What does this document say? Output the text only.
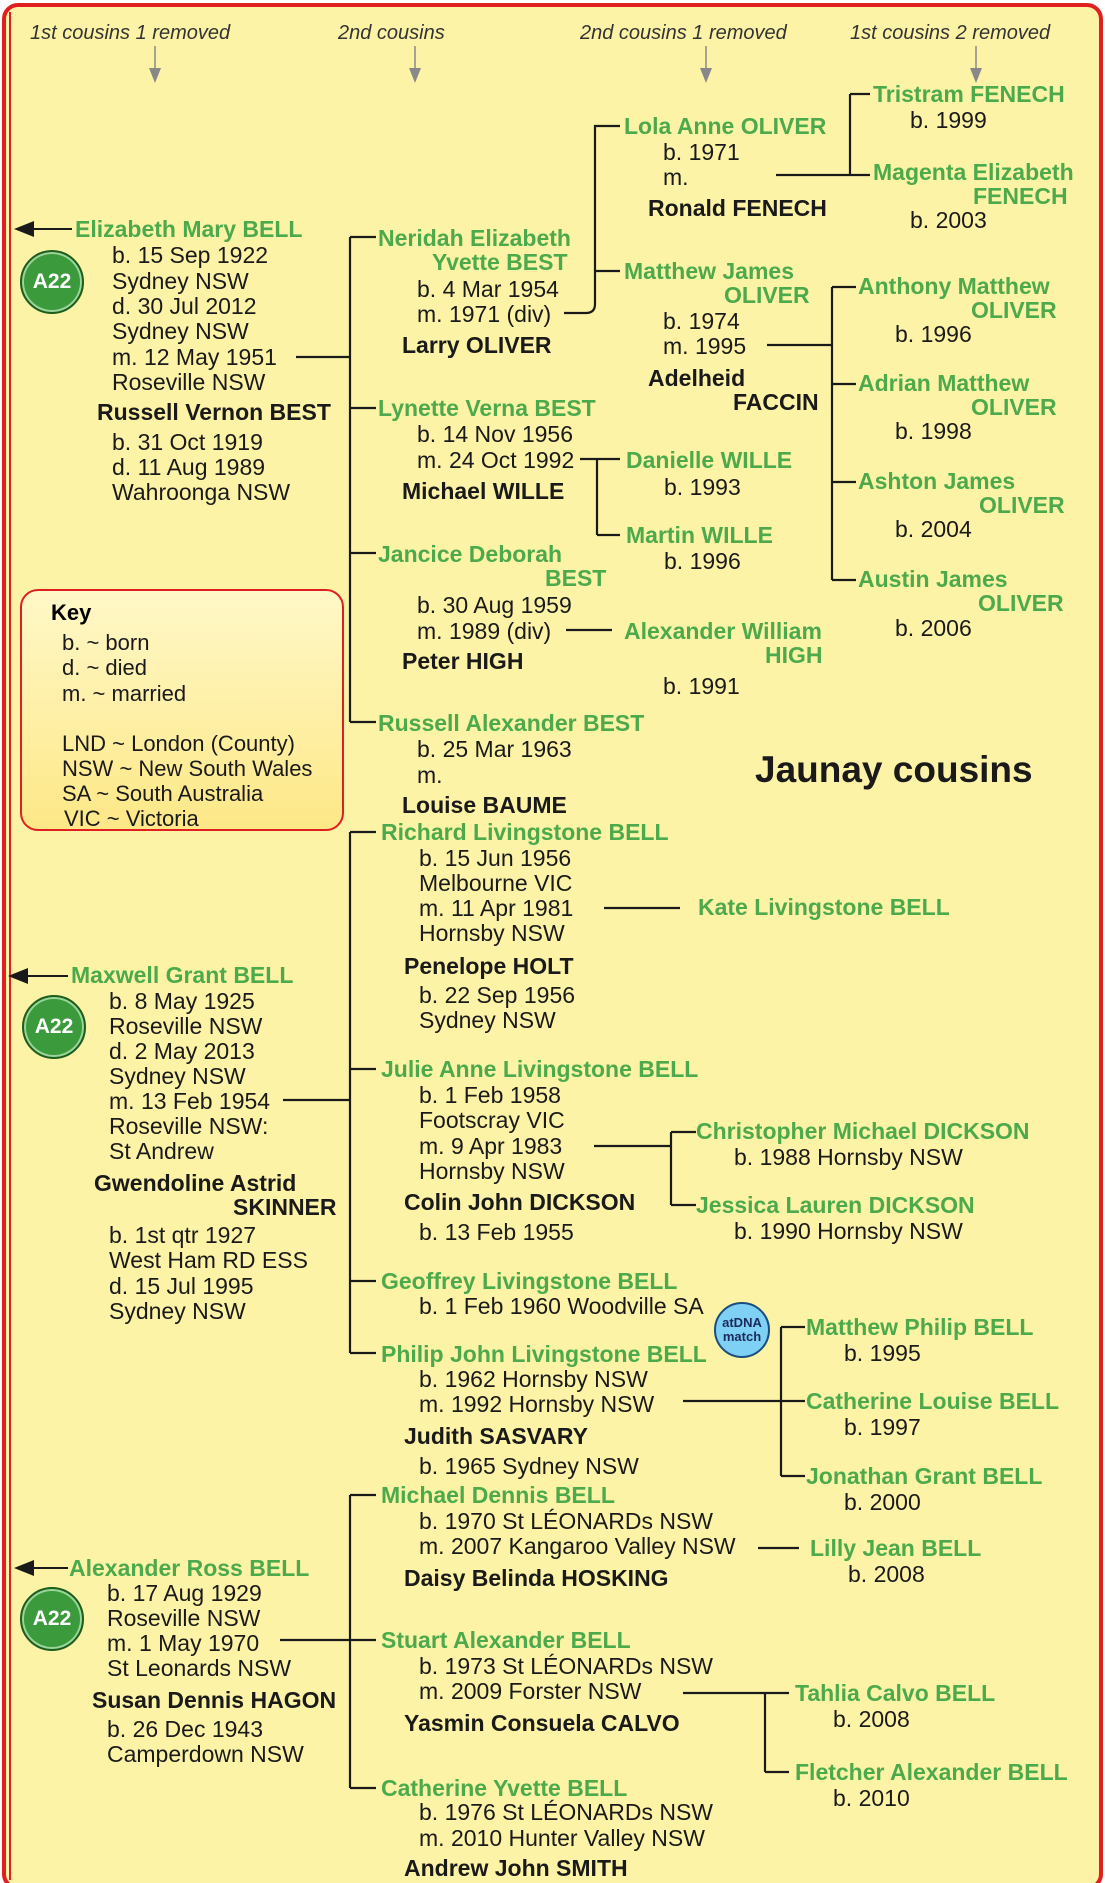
1st cousins 1 removed	2nd cousins	2nd cousins 1 removed	1st cousins 2 removed
Jaunay cousins
Key
b. ~ born
d. ~ died
m. ~ married
LND ~ London (County)
NSW ~ New South Wales
SA ~ South Australia
VIC ~ Victoria
A22
A22
A22
atDNA
match
Elizabeth Mary BELL
b. 15 Sep 1922
Sydney NSW
d. 30 Jul 2012
Sydney NSW
m. 12 May 1951
Roseville NSW
Russell Vernon BEST
b. 31 Oct 1919
d. 11 Aug 1989
Wahroonga NSW
Maxwell Grant BELL
b. 8 May 1925
Roseville NSW
d. 2 May 2013
Sydney NSW
m. 13 Feb 1954
Roseville NSW:
St Andrew
Gwendoline Astrid
SKINNER
b. 1st qtr 1927
West Ham RD ESS
d. 15 Jul 1995
Sydney NSW
Alexander Ross BELL
b. 17 Aug 1929
Roseville NSW
m. 1 May 1970
St Leonards NSW
Susan Dennis HAGON
b. 26 Dec 1943
Camperdown NSW
Neridah Elizabeth
Yvette BEST
b. 4 Mar 1954
m. 1971 (div)
Larry OLIVER
Lynette Verna BEST
b. 14 Nov 1956
m. 24 Oct 1992
Michael WILLE
Jancice Deborah
BEST
b. 30 Aug 1959
m. 1989 (div)
Peter HIGH
Russell Alexander BEST
b. 25 Mar 1963
m.
Louise BAUME
Richard Livingstone BELL
b. 15 Jun 1956
Melbourne VIC
m. 11 Apr 1981
Hornsby NSW
Penelope HOLT
b. 22 Sep 1956
Sydney NSW
Julie Anne Livingstone BELL
b. 1 Feb 1958
Footscray VIC
m. 9 Apr 1983
Hornsby NSW
Colin John DICKSON
b. 13 Feb 1955
Geoffrey Livingstone BELL
b. 1 Feb 1960 Woodville SA
Philip John Livingstone BELL
b. 1962 Hornsby NSW
m. 1992 Hornsby NSW
Judith SASVARY
b. 1965 Sydney NSW
Michael Dennis BELL
b. 1970 St LÉONARDs NSW
m. 2007 Kangaroo Valley NSW
Daisy Belinda HOSKING
Stuart Alexander BELL
b. 1973 St LÉONARDs NSW
m. 2009 Forster NSW
Yasmin Consuela CALVO
Catherine Yvette BELL
b. 1976 St LÉONARDs NSW
m. 2010 Hunter Valley NSW
Andrew John SMITH
Lola Anne OLIVER
b. 1971
m.
Ronald FENECH
Matthew James
OLIVER
b. 1974
m. 1995
Adelheid
FACCIN
Danielle WILLE
b. 1993
Martin WILLE
b. 1996
Alexander William
HIGH
b. 1991
Kate Livingstone BELL
Christopher Michael DICKSON
b. 1988 Hornsby NSW
Jessica Lauren DICKSON
b. 1990 Hornsby NSW
Matthew Philip BELL
b. 1995
Catherine Louise BELL
b. 1997
Jonathan Grant BELL
b. 2000
Lilly Jean BELL
b. 2008
Tahlia Calvo BELL
b. 2008
Fletcher Alexander BELL
b. 2010
Tristram FENECH
b. 1999
Magenta Elizabeth
FENECH
b. 2003
Anthony Matthew
OLIVER
b. 1996
Adrian Matthew
OLIVER
b. 1998
Ashton James
OLIVER
b. 2004
Austin James
OLIVER
b. 2006
